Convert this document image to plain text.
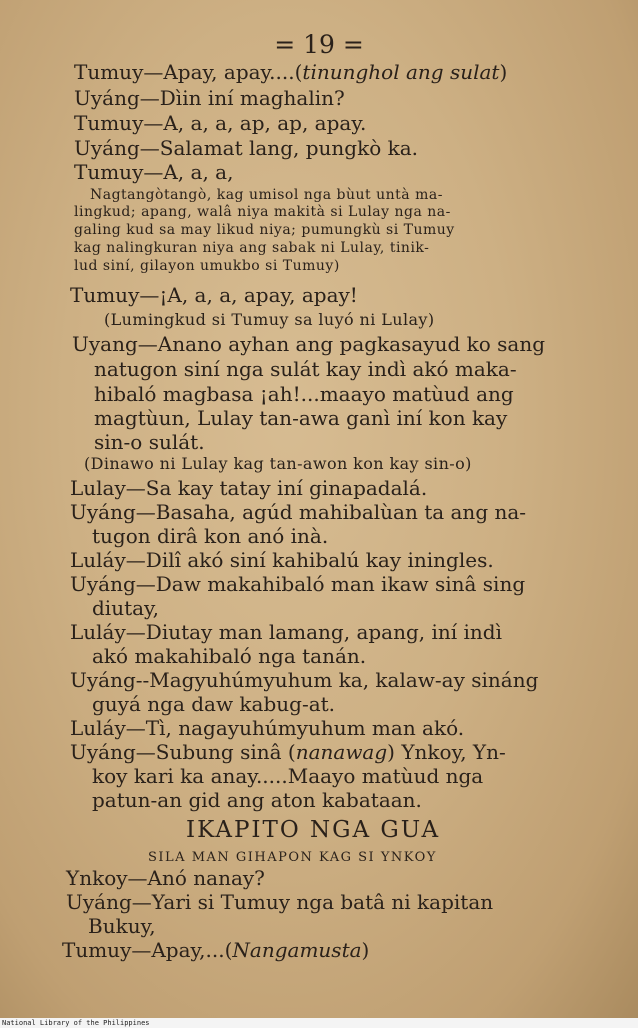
= 19 =
Tumuy—Apay, apay....(tinunghol ang sulat)
Uyáng—Dìin iní maghalin?
Tumuy—A, a, a, ap, ap, apay.
Uyáng—Salamat lang, pungkò ka.
Tumuy—A, a, a,
Nagtangòtangò, kag umisol nga bùut untà ma-
lingkud; apang, walâ niya makità si Lulay nga na-
galing kud sa may likud niya; pumungkù si Tumuy
kag nalingkuran niya ang sabak ni Lulay, tinik-
lud siní, gilayon umukbo si Tumuy)
Tumuy—¡A, a, a, apay, apay!
(Lumingkud si Tumuy sa luyó ni Lulay)
Uyang—Anano ayhan ang pagkasayud ko sang
natugon siní nga sulát kay indì akó maka-
hibaló magbasa ¡ah!...maayo matùud ang
magtùun, Lulay tan-awa ganì iní kon kay
sin-o sulát.
(Dinawo ni Lulay kag tan-awon kon kay sin-o)
Lulay—Sa kay tatay iní ginapadalá.
Uyáng—Basaha, agúd mahibalùan ta ang na-
tugon dirâ kon anó inà.
Luláy—Dilî akó siní kahibalú kay iningles.
Uyáng—Daw makahibaló man ikaw sinâ sing
diutay,
Luláy—Diutay man lamang, apang, iní indì
akó makahibaló nga tanán.
Uyáng--Magyuhúmyuhum ka, kalaw-ay sináng
guyá nga daw kabug-at.
Luláy—Tì, nagayuhúmyuhum man akó.
Uyáng—Subung sinâ (nanawag) Ynkoy, Yn-
koy kari ka anay.....Maayo matùud nga
patun-an gid ang aton kabataan.
IKAPITO NGA GUA
SILA MAN GIHAPON KAG SI YNKOY
Ynkoy—Anó nanay?
Uyáng—Yari si Tumuy nga batâ ni kapitan
Bukuy,
Tumuy—Apay,...(Nangamusta)
National Library of the Philippines
